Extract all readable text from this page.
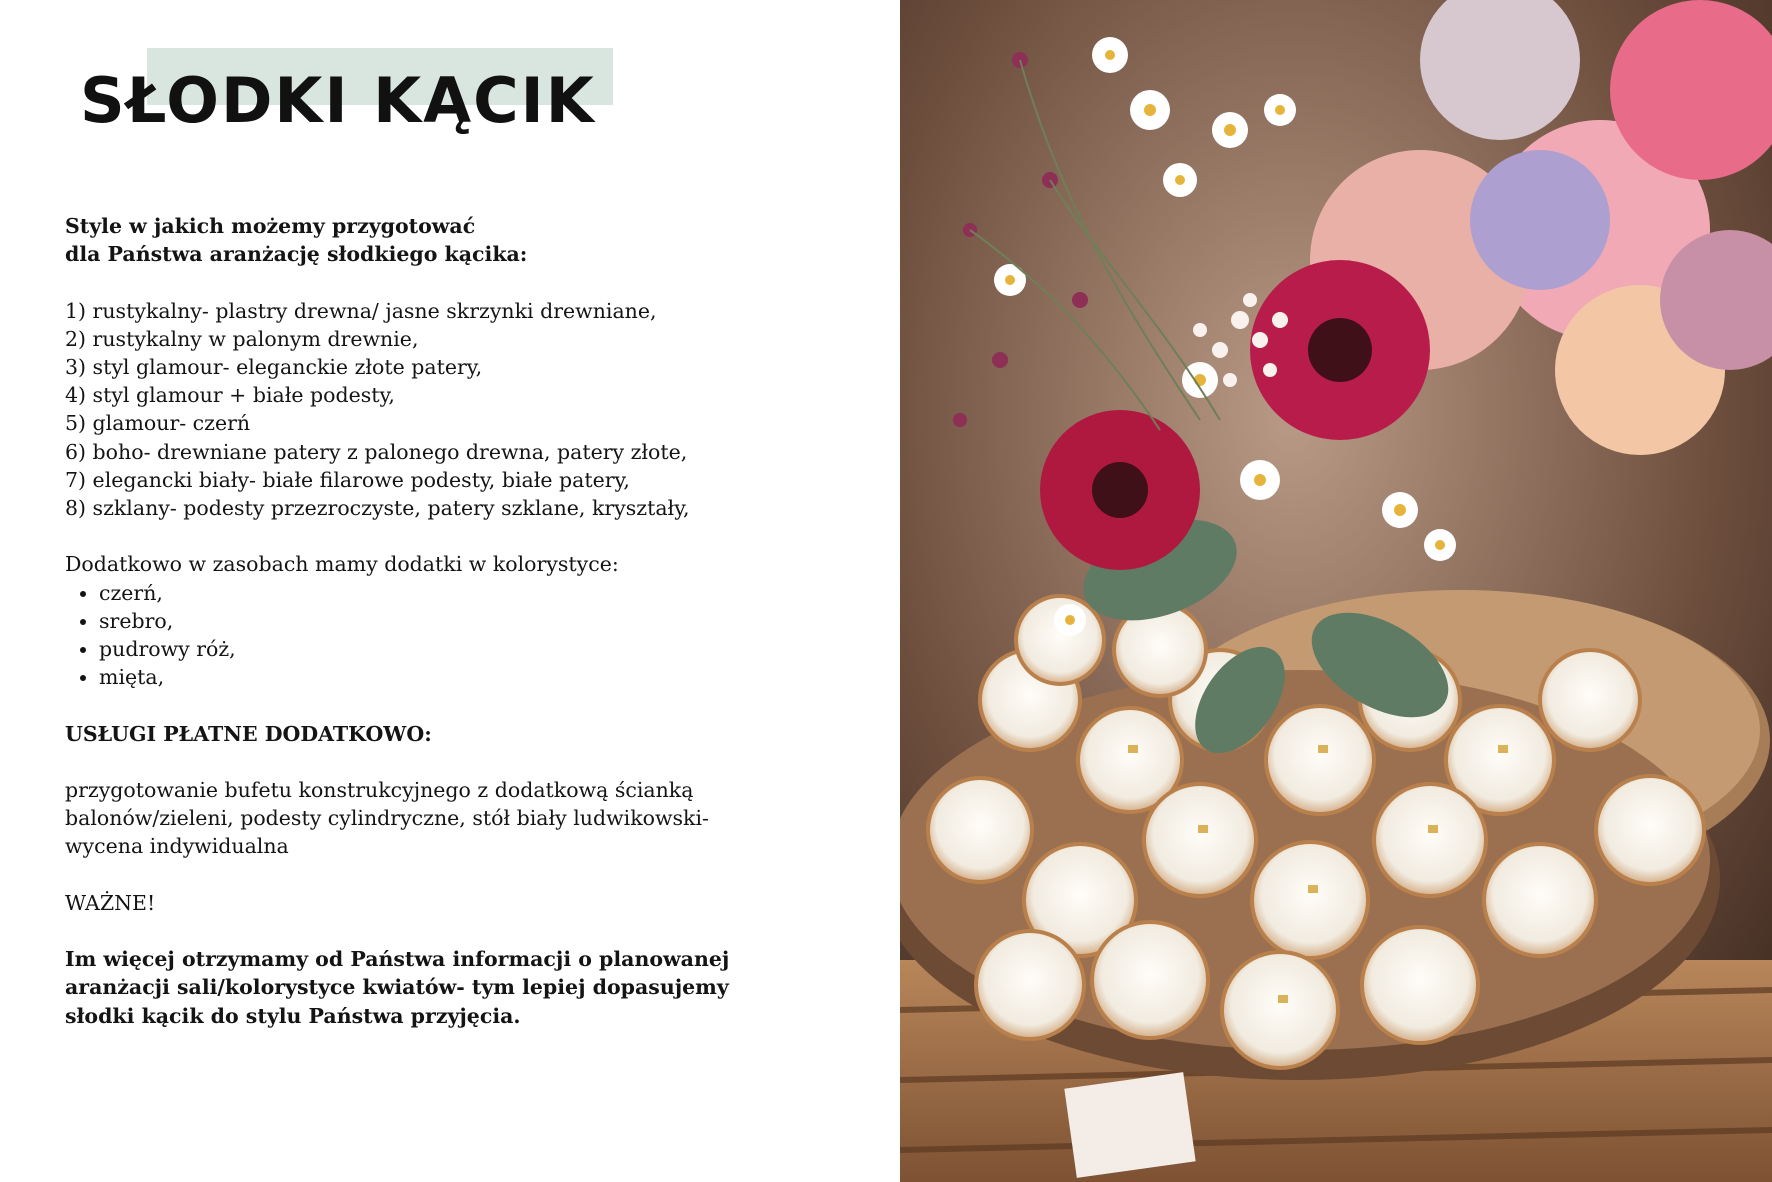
SŁODKI KĄCIK

Style w jakich możemy przygotować

dla Państwa aranżację słodkiego kącika:

1) rustykalny- plastry drewna/ jasne skrzynki drewniane,

2) rustykalny w palonym drewnie,

3) styl glamour- eleganckie złote patery,

4) styl glamour + białe podesty,

5) glamour- czerń

6) boho- drewniane patery z palonego drewna, patery złote,

7) elegancki biały- białe filarowe podesty, białe patery,

8) szklany- podesty przezroczyste, patery szklane, kryształy,

Dodatkowo w zasobach mamy dodatki w kolorystyce:

• czerń,
• srebro,
• pudrowy róż,
• mięta,

USŁUGI PŁATNE DODATKOWO:

przygotowanie bufetu konstrukcyjnego z dodatkową ścianką

balonów/zieleni, podesty cylindryczne, stół biały ludwikowski-

wycena indywidualna

WAŻNE!

Im więcej otrzymamy od Państwa informacji o planowanej

aranżacji sali/kolorystyce kwiatów- tym lepiej dopasujemy

słodki kącik do stylu Państwa przyjęcia.
